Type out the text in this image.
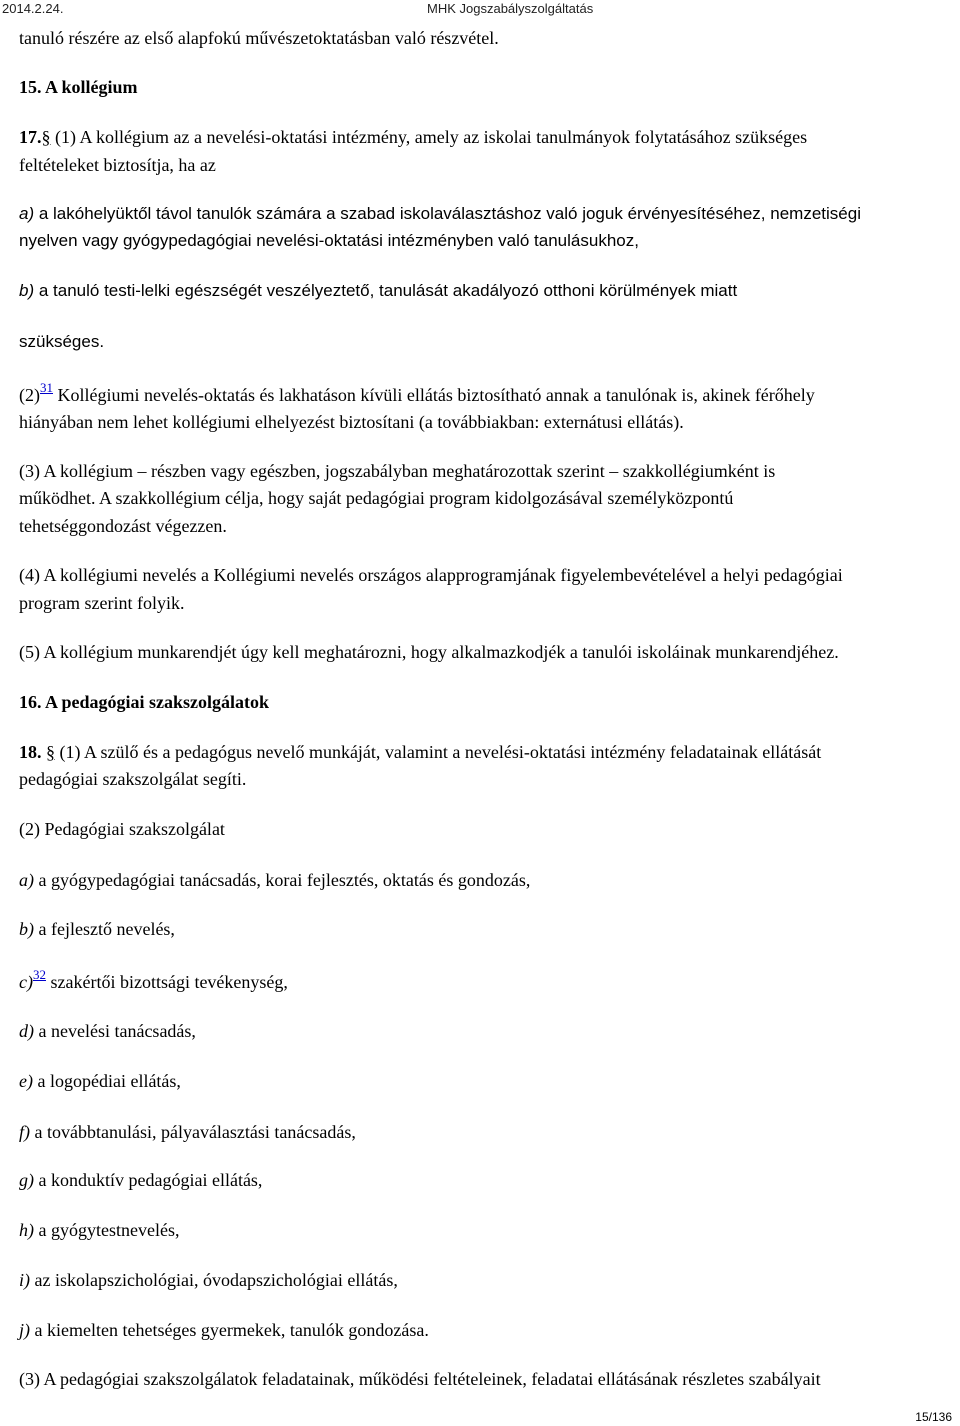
2014.2.24.	MHK Jogszabályszolgáltatás
tanuló részére az első alapfokú művészetoktatásban való részvétel.
15. A kollégium
17.§ (1) A kollégium az a nevelési-oktatási intézmény, amely az iskolai tanulmányok folytatásához szükséges
feltételeket biztosítja, ha az
a) a lakóhelyüktől távol tanulók számára a szabad iskolaválasztáshoz való joguk érvényesítéséhez, nemzetiségi
nyelven vagy gyógypedagógiai nevelési-oktatási intézményben való tanulásukhoz,
b) a tanuló testi-lelki egészségét veszélyeztető, tanulását akadályozó otthoni körülmények miatt
szükséges.
(2)$^{31}$ Kollégiumi nevelés-oktatás és lakhatáson kívüli ellátás biztosítható annak a tanulónak is, akinek férőhely
hiányában nem lehet kollégiumi elhelyezést biztosítani (a továbbiakban: externátusi ellátás).
(3) A kollégium – részben vagy egészben, jogszabályban meghatározottak szerint – szakkollégiumként is
működhet. A szakkollégium célja, hogy saját pedagógiai program kidolgozásával személyközpontú
tehetséggondozást végezzen.
(4) A kollégiumi nevelés a Kollégiumi nevelés országos alapprogramjának figyelembevételével a helyi pedagógiai
program szerint folyik.
(5) A kollégium munkarendjét úgy kell meghatározni, hogy alkalmazkodjék a tanulói iskoláinak munkarendjéhez.
16. A pedagógiai szakszolgálatok
18. § (1) A szülő és a pedagógus nevelő munkáját, valamint a nevelési-oktatási intézmény feladatainak ellátását
pedagógiai szakszolgálat segíti.
(2) Pedagógiai szakszolgálat
a) a gyógypedagógiai tanácsadás, korai fejlesztés, oktatás és gondozás,
b) a fejlesztő nevelés,
c)$^{32}$ szakértői bizottsági tevékenység,
d) a nevelési tanácsadás,
e) a logopédiai ellátás,
f) a továbbtanulási, pályaválasztási tanácsadás,
g) a konduktív pedagógiai ellátás,
h) a gyógytestnevelés,
i) az iskolapszichológiai, óvodapszichológiai ellátás,
j) a kiemelten tehetséges gyermekek, tanulók gondozása.
(3) A pedagógiai szakszolgálatok feladatainak, működési feltételeinek, feladatai ellátásának részletes szabályait
15/136
